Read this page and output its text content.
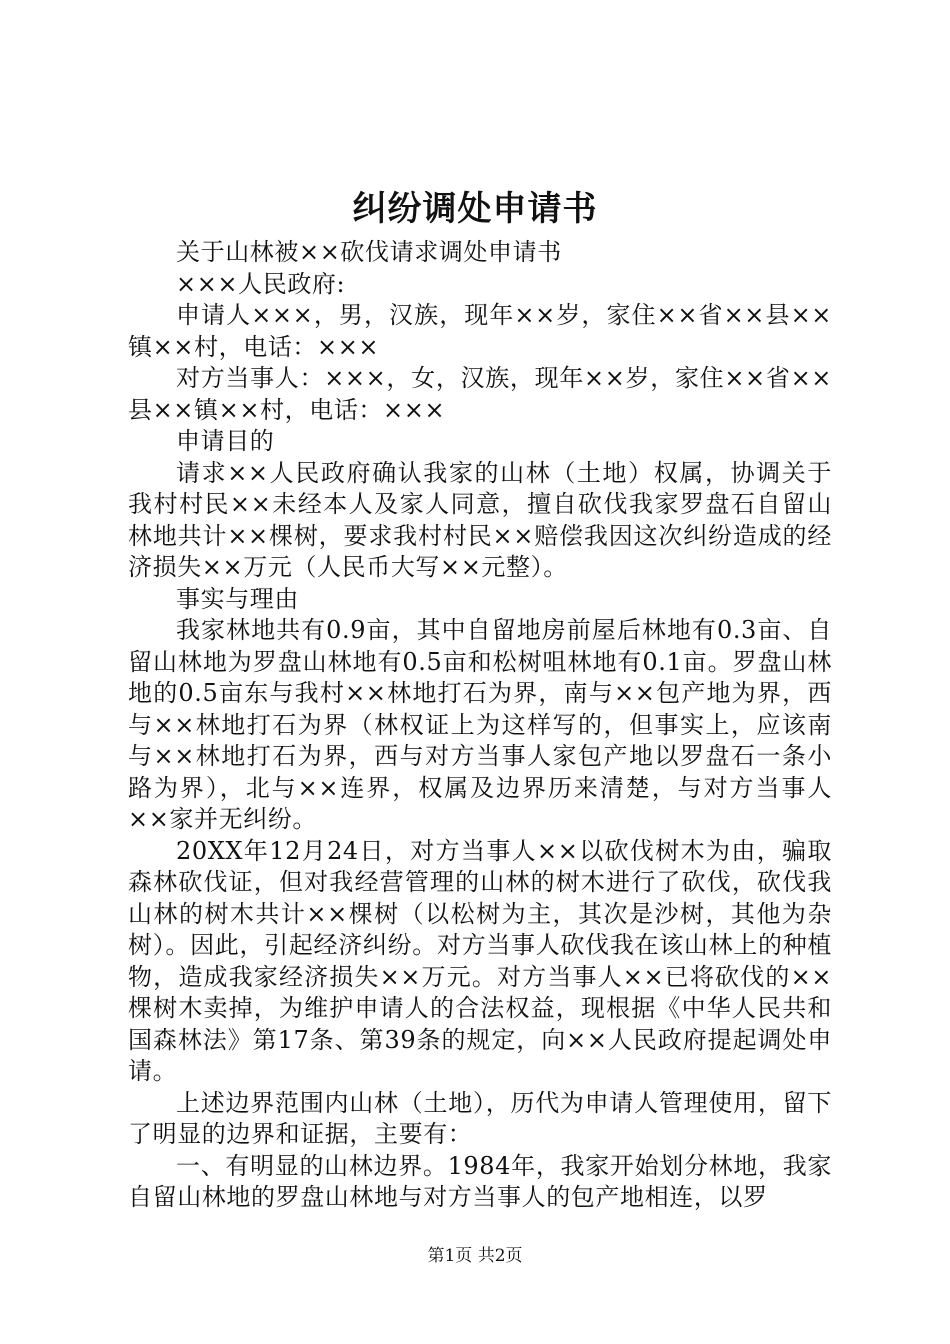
纠纷调处申请书

关于山林被××砍伐请求调处申请书

×××人民政府:

申请人×××，男，汉族，现年××岁，家住××省××县××镇××村，电话：×××

对方当事人：×××，女，汉族，现年××岁，家住××省××县××镇××村，电话：×××

申请目的

请求××人民政府确认我家的山林（土地）权属，协调关于我村村民××未经本人及家人同意，擅自砍伐我家罗盘石自留山林地共计××棵树，要求我村村民××赔偿我因这次纠纷造成的经济损失××万元（人民币大写××元整）。

事实与理由

我家林地共有0.9亩，其中自留地房前屋后林地有0.3亩、自留山林地为罗盘山林地有0.5亩和松树咀林地有0.1亩。罗盘山林地的0.5亩东与我村××林地打石为界，南与××包产地为界，西与××林地打石为界（林权证上为这样写的，但事实上，应该南与××林地打石为界，西与对方当事人家包产地以罗盘石一条小路为界），北与××连界，权属及边界历来清楚，与对方当事人××家并无纠纷。

20XX年12月24日，对方当事人××以砍伐树木为由，骗取森林砍伐证，但对我经营管理的山林的树木进行了砍伐，砍伐我山林的树木共计××棵树（以松树为主，其次是沙树，其他为杂树）。因此，引起经济纠纷。对方当事人砍伐我在该山林上的种植物，造成我家经济损失××万元。对方当事人××已将砍伐的××棵树木卖掉，为维护申请人的合法权益，现根据《中华人民共和国森林法》第17条、第39条的规定，向××人民政府提起调处申请。

上述边界范围内山林（土地），历代为申请人管理使用，留下了明显的边界和证据，主要有：

一、有明显的山林边界。1984年，我家开始划分林地，我家自留山林地的罗盘山林地与对方当事人的包产地相连，以罗

第1页 共2页
